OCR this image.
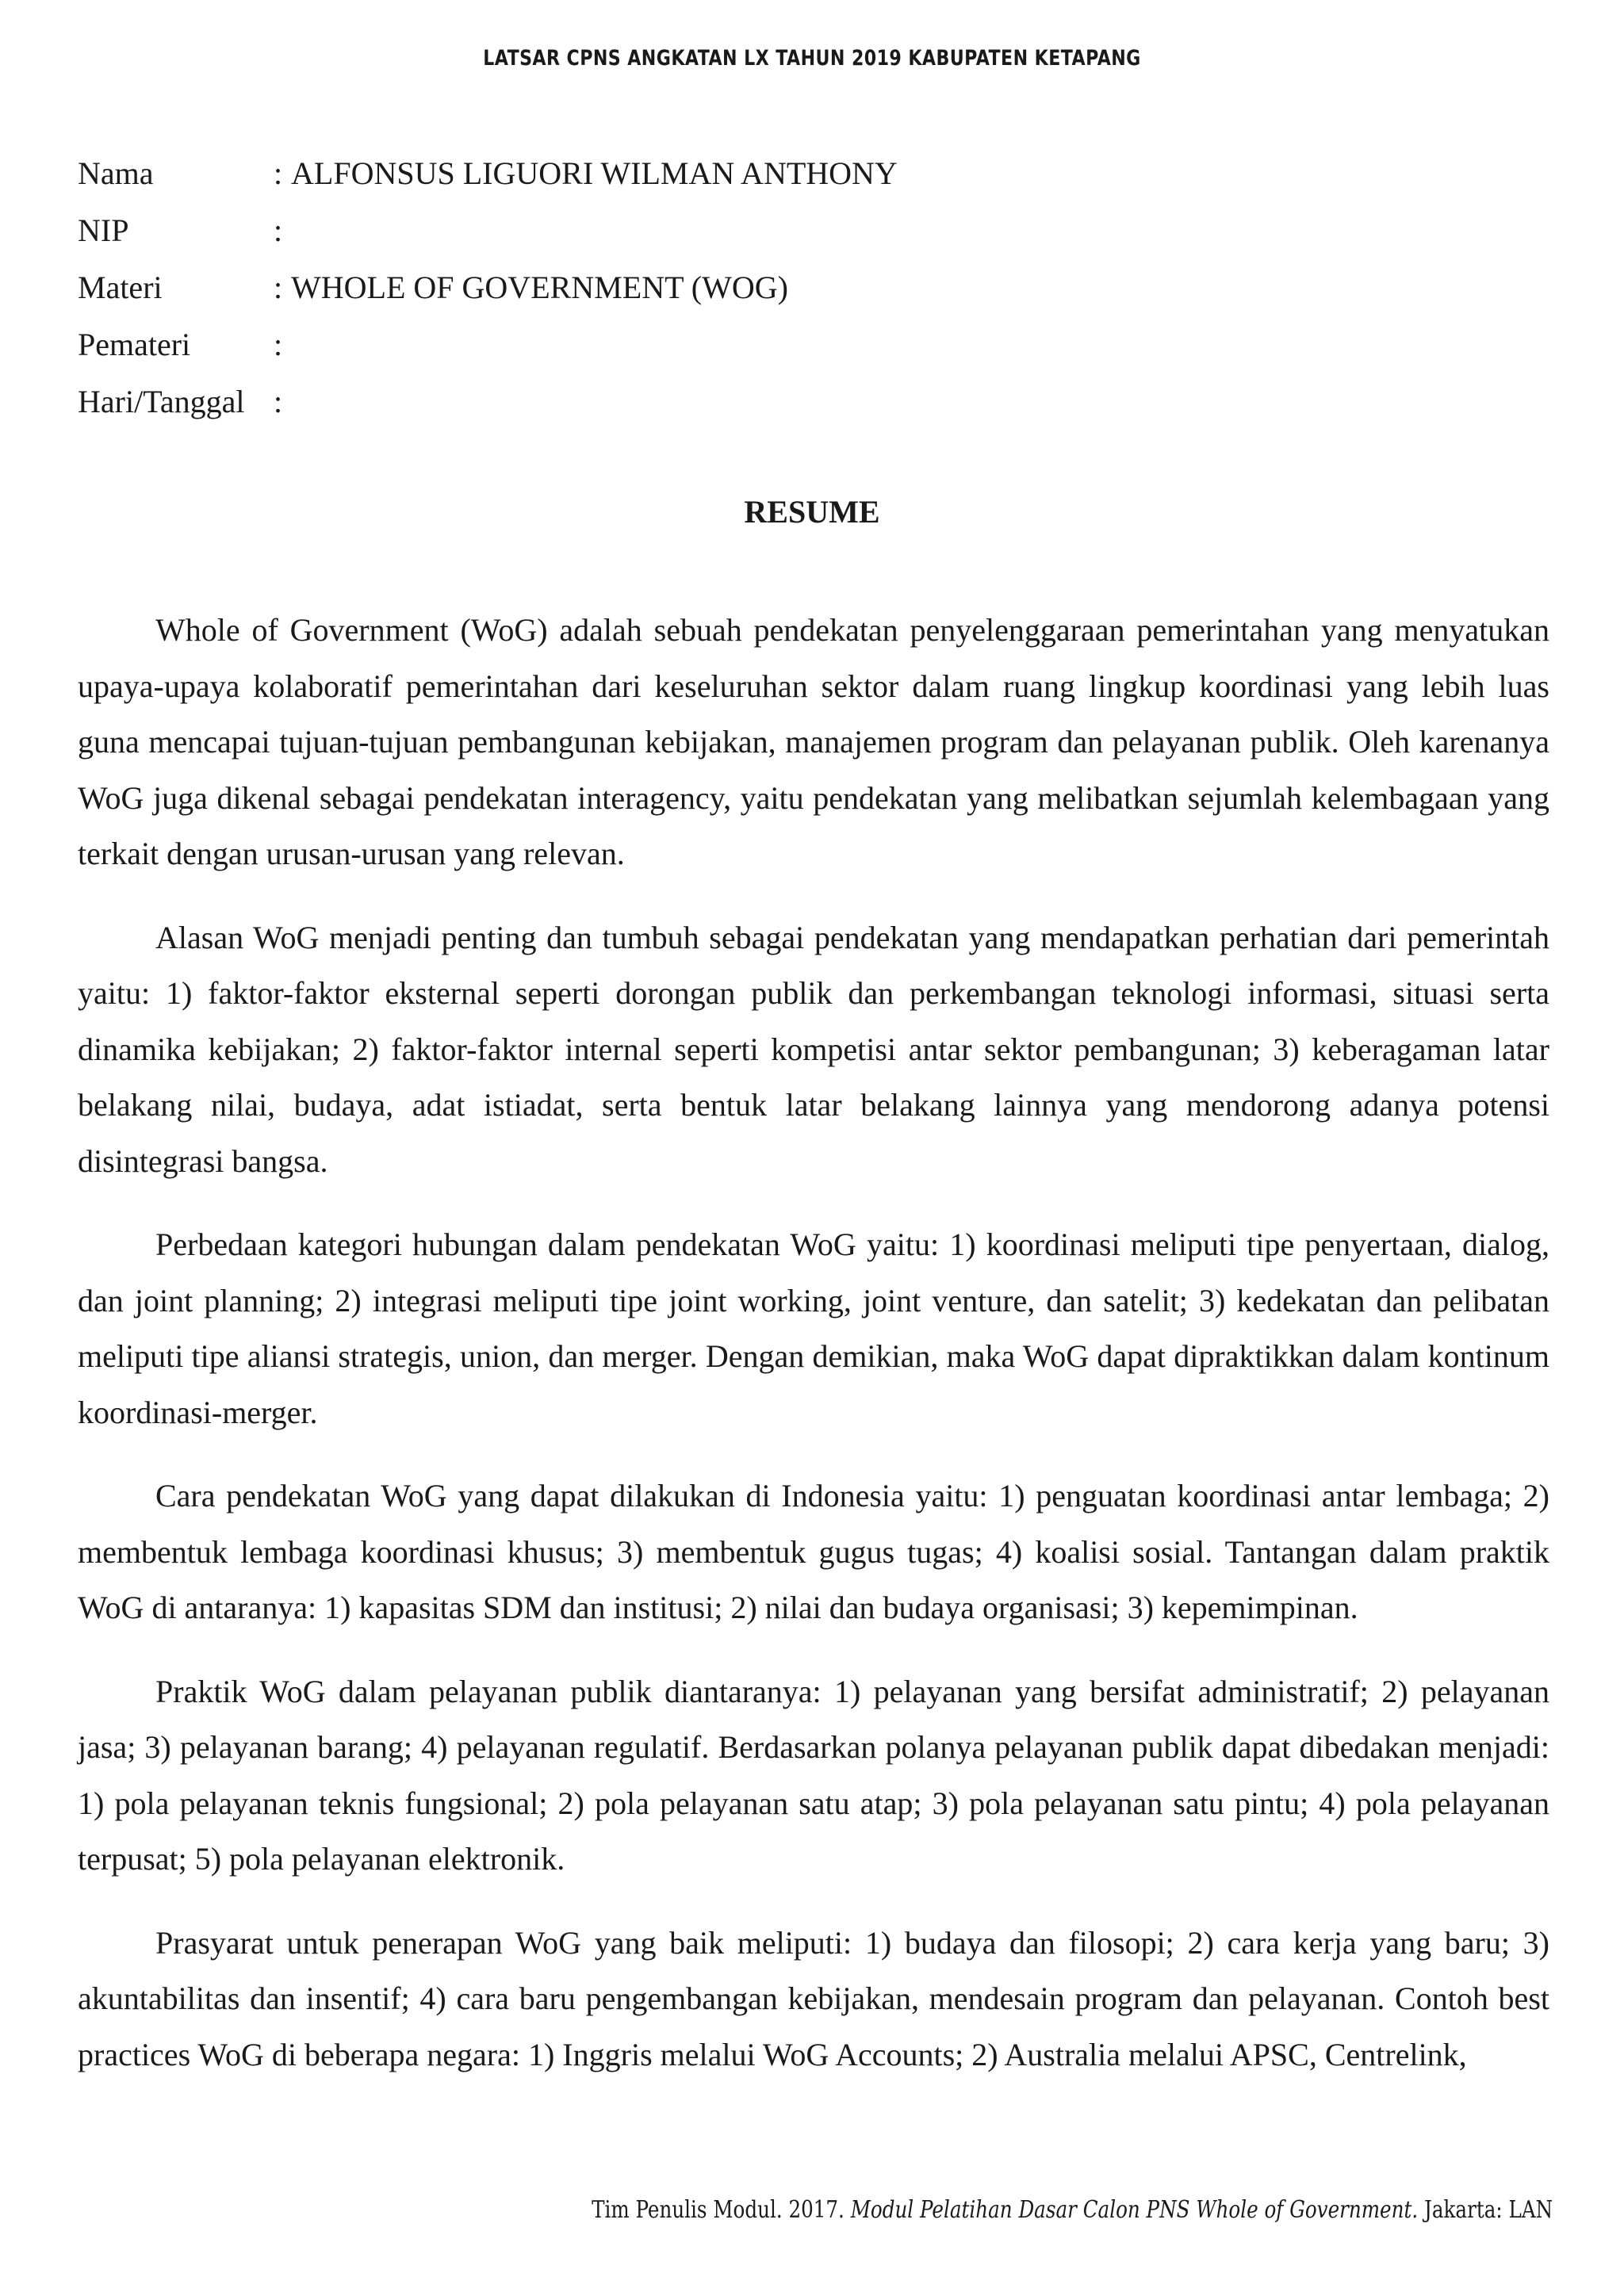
LATSAR CPNS ANGKATAN LX TAHUN 2019 KABUPATEN KETAPANG
Nama	: ALFONSUS LIGUORI WILMAN ANTHONY
NIP	:
Materi	: WHOLE OF GOVERNMENT (WOG)
Pemateri	:
Hari/Tanggal :
RESUME

Whole of Government (WoG) adalah sebuah pendekatan penyelenggaraan pemerintahan yang menyatukan upaya-upaya kolaboratif pemerintahan dari keseluruhan sektor dalam ruang lingkup koordinasi yang lebih luas guna mencapai tujuan-tujuan pembangunan kebijakan, manajemen program dan pelayanan publik. Oleh karenanya WoG juga dikenal sebagai pendekatan interagency, yaitu pendekatan yang melibatkan sejumlah kelembagaan yang terkait dengan urusan-urusan yang relevan.

Alasan WoG menjadi penting dan tumbuh sebagai pendekatan yang mendapatkan perhatian dari pemerintah yaitu: 1) faktor-faktor eksternal seperti dorongan publik dan perkembangan teknologi informasi, situasi serta dinamika kebijakan; 2) faktor-faktor internal seperti kompetisi antar sektor pembangunan; 3) keberagaman latar belakang nilai, budaya, adat istiadat, serta bentuk latar belakang lainnya yang mendorong adanya potensi disintegrasi bangsa.

Perbedaan kategori hubungan dalam pendekatan WoG yaitu: 1) koordinasi meliputi tipe penyertaan, dialog, dan joint planning; 2) integrasi meliputi tipe joint working, joint venture, dan satelit; 3) kedekatan dan pelibatan meliputi tipe aliansi strategis, union, dan merger. Dengan demikian, maka WoG dapat dipraktikkan dalam kontinum koordinasi-merger.

Cara pendekatan WoG yang dapat dilakukan di Indonesia yaitu: 1) penguatan koordinasi antar lembaga; 2) membentuk lembaga koordinasi khusus; 3) membentuk gugus tugas; 4) koalisi sosial. Tantangan dalam praktik WoG di antaranya: 1) kapasitas SDM dan institusi; 2) nilai dan budaya organisasi; 3) kepemimpinan.

Praktik WoG dalam pelayanan publik diantaranya: 1) pelayanan yang bersifat administratif; 2) pelayanan jasa; 3) pelayanan barang; 4) pelayanan regulatif. Berdasarkan polanya pelayanan publik dapat dibedakan menjadi: 1) pola pelayanan teknis fungsional; 2) pola pelayanan satu atap; 3) pola pelayanan satu pintu; 4) pola pelayanan terpusat; 5) pola pelayanan elektronik.

Prasyarat untuk penerapan WoG yang baik meliputi: 1) budaya dan filosopi; 2) cara kerja yang baru; 3) akuntabilitas dan insentif; 4) cara baru pengembangan kebijakan, mendesain program dan pelayanan. Contoh best practices WoG di beberapa negara: 1) Inggris melalui WoG Accounts; 2) Australia melalui APSC, Centrelink,

Tim Penulis Modul. 2017. Modul Pelatihan Dasar Calon PNS Whole of Government. Jakarta: LAN
